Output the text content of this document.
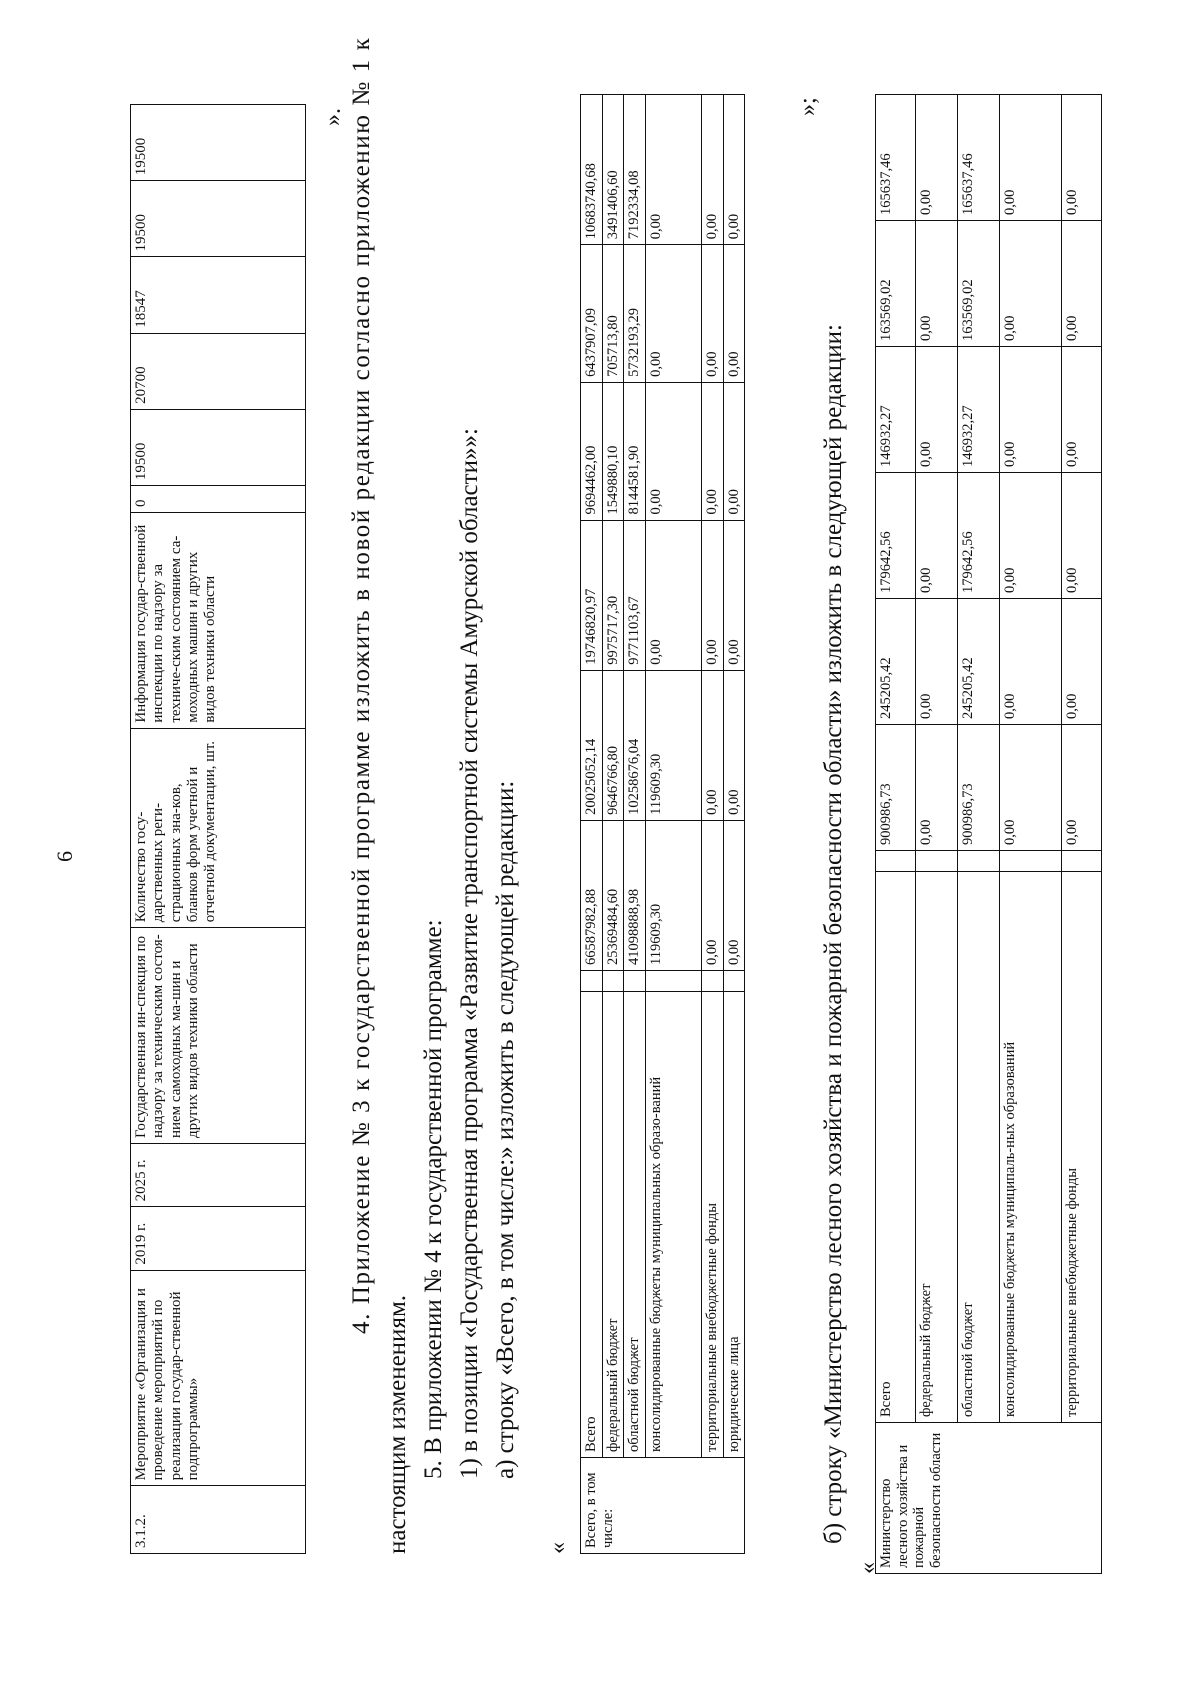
6
3.1.2.	Мероприятие «Организация и проведение мероприятий по реализации государ-ственной подпрограммы»	2019 г.	2025 г.	Государственная ин-спекция по надзору за техническим состоя-нием самоходных ма-шин и других видов техники области	Количество госу-дарственных реги-страционных зна-ков, бланков форм учетной и отчетной документации, шт.	Информация государ-ственной инспекции по надзору за техниче-ским состоянием са-моходных машин и других видов техники области	0	19500	20700	18547	19500	19500
». 4. Приложение № 3 к государственной программе изложить в новой редакции согласно приложению № 1 к
настоящим изменениям. 5. В приложении № 4 к государственной программе: 1) в позиции «Государственная программа «Развитие транспортной системы Амурской области»»: а) строку «Всего, в том числе:» изложить в следующей редакции:
« Всего, в том числе:	Всего		66587982,88	20025052,14	19746820,97	9694462,00	6437907,09	10683740,68
	федеральный бюджет		25369484,60	9646766,80	9975717,30	1549880,10	705713,80	3491406,60
	областной бюджет		41098888,98	10258676,04	9771103,67	8144581,90	5732193,29	7192334,08
	консолидированные бюджеты муниципальных образо-ваний		119609,30	119609,30	0,00	0,00	0,00	0,00
	территориальные внебюджетные фонды		0,00	0,00	0,00	0,00	0,00	0,00
	юридические лица		0,00	0,00	0,00	0,00	0,00	0,00
»;
б) строку «Министерство лесного хозяйства и пожарной безопасности области» изложить в следующей редакции:
«
Министерство лесного хозяйства и пожарной безопасности области	Всего		900986,73	245205,42	179642,56	146932,27	163569,02	165637,46
	федеральный бюджет		0,00	0,00	0,00	0,00	0,00	0,00
	областной бюджет		900986,73	245205,42	179642,56	146932,27	163569,02	165637,46
	консолидированные бюджеты муниципаль-ных образований		0,00	0,00	0,00	0,00	0,00	0,00
	территориальные внебюджетные фонды		0,00	0,00	0,00	0,00	0,00	0,00
